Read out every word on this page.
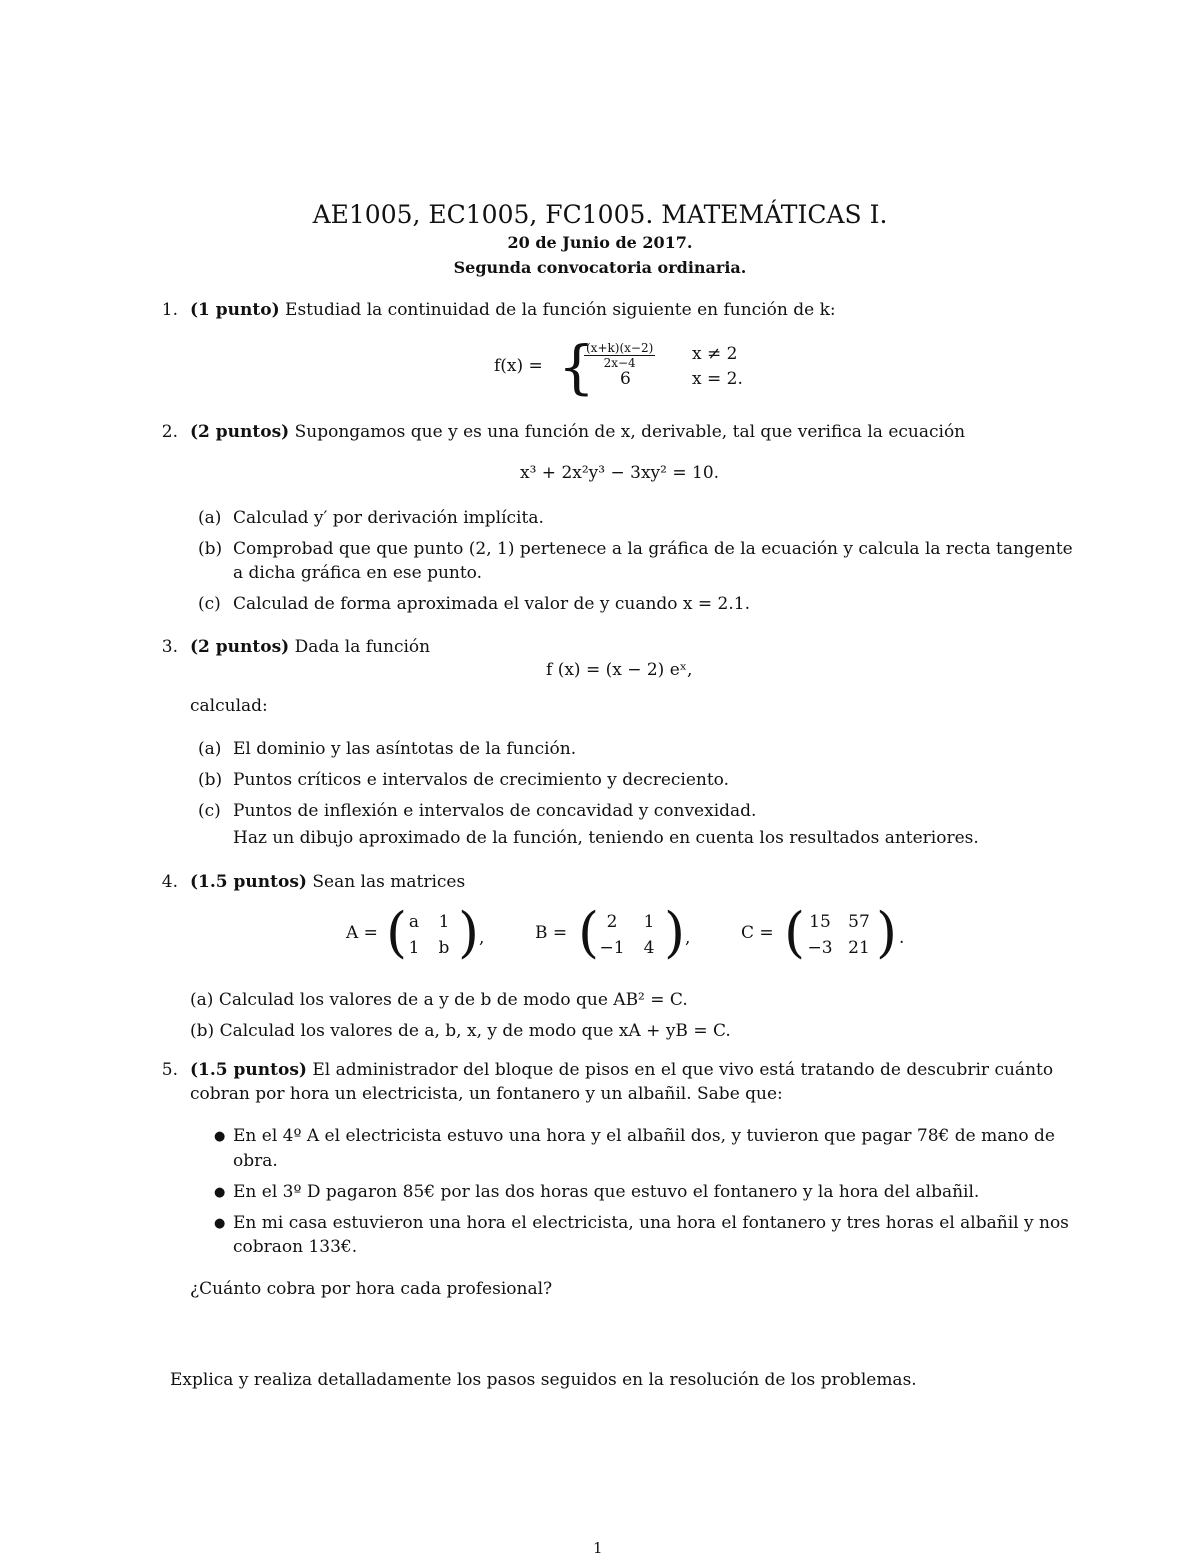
AE1005, EC1005, FC1005. MATEMÁTICAS I.
20 de Junio de 2017.
Segunda convocatoria ordinaria.
1. (1 punto) Estudiad la continuidad de la función siguiente en función de k:
f(x) = {
$\frac{(x+k)(x-2)}{2x-4}$ x ≠ 2
6	x = 2.
2. (2 puntos) Supongamos que y es una función de x, derivable, tal que verifica la ecuación
x³ + 2x²y³ − 3xy² = 10.
(a) Calculad y′ por derivación implícita.
(b) Comprobad que que punto (2, 1) pertenece a la gráfica de la ecuación y calcula la recta tangente
a dicha gráfica en ese punto.
(c) Calculad de forma aproximada el valor de y cuando x = 2.1.
3. (2 puntos) Dada la función
f (x) = (x − 2) eˣ,
calculad:
(a) El dominio y las asíntotas de la función.
(b) Puntos críticos e intervalos de crecimiento y decreciento.
(c) Puntos de inflexión e intervalos de concavidad y convexidad.
Haz un dibujo aproximado de la función, teniendo en cuenta los resultados anteriores.
4. (1.5 puntos) Sean las matrices
A = ( a	1
1	b ) ,	B = ( 2	1
−1	4 ) ,	C = ( 15	57
−3 21 ) .
(a) Calculad los valores de a y de b de modo que AB² = C.
(b) Calculad los valores de a, b, x, y de modo que xA + yB = C.
5. (1.5 puntos) El administrador del bloque de pisos en el que vivo está tratando de descubrir cuánto
cobran por hora un electricista, un fontanero y un albañil. Sabe que:
● En el 4º A el electricista estuvo una hora y el albañil dos, y tuvieron que pagar 78€ de mano de
obra.
● En el 3º D pagaron 85€ por las dos horas que estuvo el fontanero y la hora del albañil.
● En mi casa estuvieron una hora el electricista, una hora el fontanero y tres horas el albañil y nos
cobraon 133€.
¿Cuánto cobra por hora cada profesional?
Explica y realiza detalladamente los pasos seguidos en la resolución de los problemas.
1
